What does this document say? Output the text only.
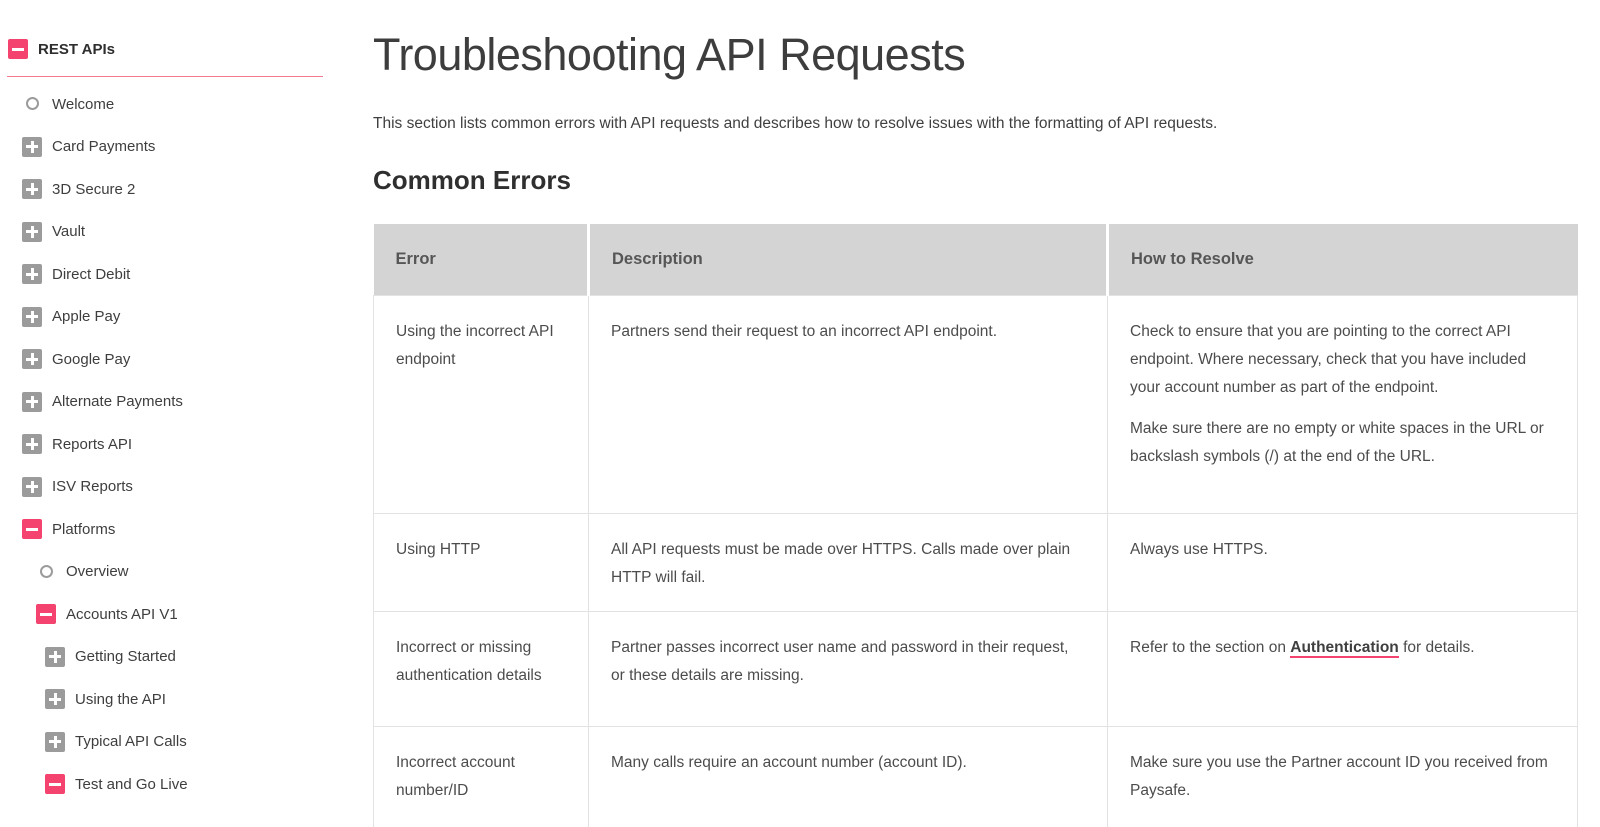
REST APIs
Welcome
Card Payments
3D Secure 2
Vault
Direct Debit
Apple Pay
Google Pay
Alternate Payments
Reports API
ISV Reports
Platforms
Overview
Accounts API V1
Getting Started
Using the API
Typical API Calls
Test and Go Live
Troubleshooting API Requests

This section lists common errors with API requests and describes how to resolve issues with the formatting of API requests.

Common Errors
Error	Description	How to Resolve

Using the incorrect API endpoint	Partners send their request to an incorrect API endpoint.	Check to ensure that you are pointing to the correct API endpoint. Where necessary, check that you have included your account number as part of the endpoint.

Make sure there are no empty or white spaces in the URL or backslash symbols (/) at the end of the URL.

Using HTTP	All API requests must be made over HTTPS. Calls made over plain HTTP will fail.	Always use HTTPS.

Incorrect or missing authentication details	Partner passes incorrect user name and password in their request, or these details are missing.	Refer to the section on Authentication for details.

Incorrect account number/ID	Many calls require an account number (account ID).	Make sure you use the Partner account ID you received from Paysafe.
